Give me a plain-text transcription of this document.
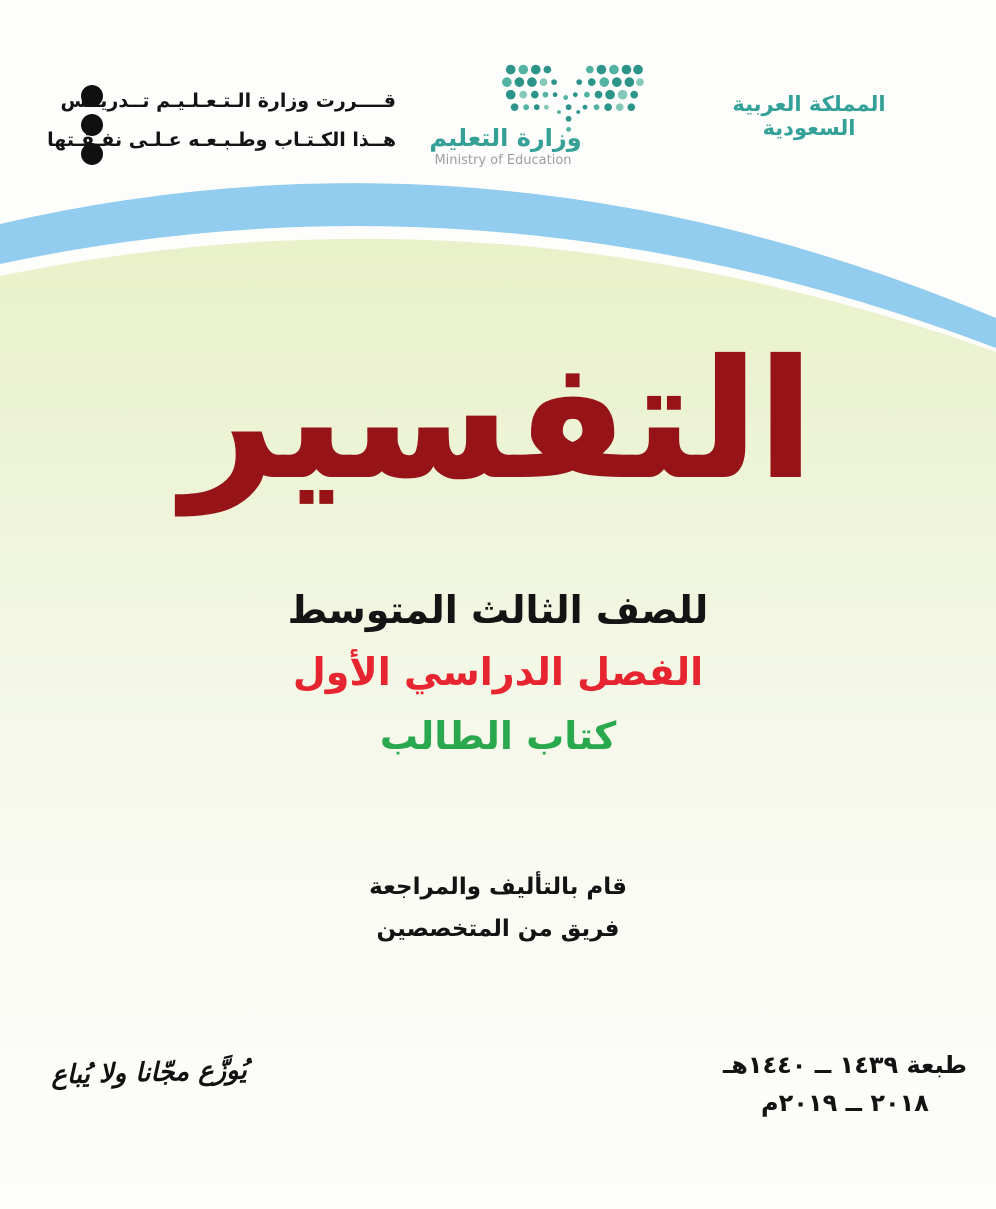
قــــررت وزارة الـتـعـلـيـم تــدريــس
هــذا الكـتـاب وطـبـعـه عـلـى نفـقـتها	وزارة التعليم
Ministry of Education
المملكة العربية السعودية
التفسير
للصف الثالث المتوسط
الفصل الدراسي الأول
كتاب الطالب
قام بالتأليف والمراجعة
فريق من المتخصصين
طبعة ١٤٣٩ ــ ١٤٤٠هـ
٢٠١٨ ــ ٢٠١٩م
يُوزَّع مجّانا ولا يُباع
